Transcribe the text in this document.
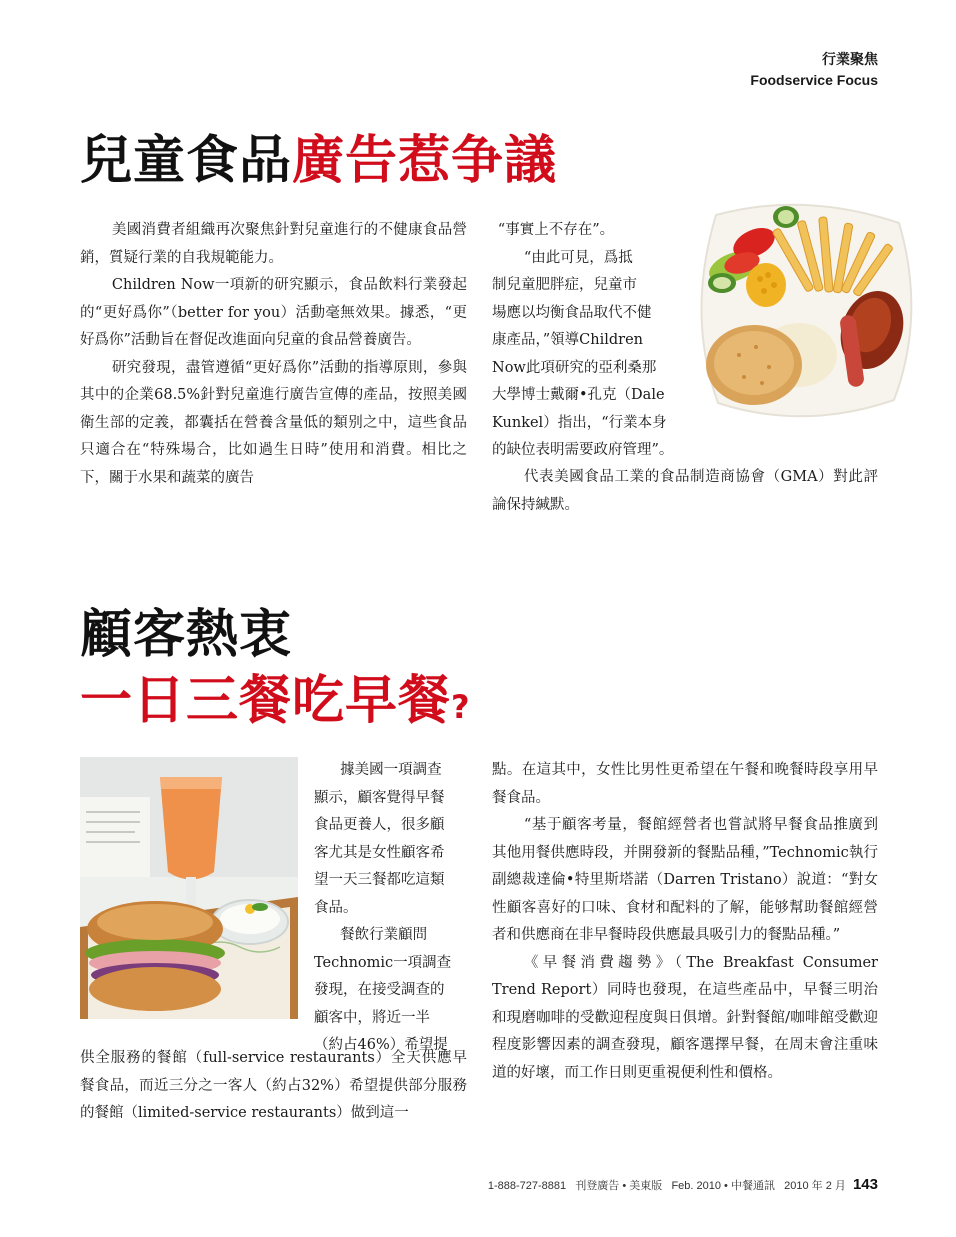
行業聚焦
Foodservice Focus
兒童食品廣告惹争議

美國消費者組織再次聚焦針對兒童進行的不健康食品營銷，質疑行業的自我規範能力。

Children Now一項新的研究顯示，食品飲料行業發起的“更好爲你”（better for you）活動毫無效果。據悉，“更好爲你”活動旨在督促改進面向兒童的食品營養廣告。

研究發現，盡管遵循“更好爲你”活動的指導原則，參與其中的企業68.5%針對兒童進行廣告宣傳的產品，按照美國衛生部的定義，都囊括在營養含量低的類别之中，這些食品只適合在“特殊場合，比如過生日時”使用和消費。相比之下，關于水果和蔬菜的廣告

“事實上不存在”。
“由此可見，爲抵
制兒童肥胖症，兒童市
場應以均衡食品取代不健
康產品，”領導Children
Now此項研究的亞利桑那
大學博士戴爾•孔克（Dale
Kunkel）指出，“行業本身
的缺位表明需要政府管理”。

代表美國食品工業的食品制造商協會（GMA）對此評論保持緘默。

顧客熱衷
一日三餐吃早餐?
據美國一項調查
顯示，顧客覺得早餐
食品更養人，很多顧
客尤其是女性顧客希
望一天三餐都吃這類
食品。
餐飲行業顧問
Technomic一項調查
發現，在接受調查的
顧客中，將近一半
（約占46%）希望提

供全服務的餐館（full-service restaurants）全天供應早餐食品，而近三分之一客人（約占32%）希望提供部分服務的餐館（limited-service restaurants）做到這一

點。在這其中，女性比男性更希望在午餐和晚餐時段享用早餐食品。

“基于顧客考量，餐館經營者也嘗試將早餐食品推廣到其他用餐供應時段，并開發新的餐點品種，”Technomic執行副總裁達倫•特里斯塔諾（Darren Tristano）說道：“對女性顧客喜好的口味、食材和配料的了解，能够幫助餐館經營者和供應商在非早餐時段供應最具吸引力的餐點品種。”

《早餐消費趨勢》（The Breakfast Consumer Trend Report）同時也發現，在這些產品中，早餐三明治和現磨咖啡的受歡迎程度與日俱增。針對餐館/咖啡館受歡迎程度影響因素的調查發現，顧客選擇早餐，在周末會注重味道的好壞，而工作日則更重視便利性和價格。

1-888-727-8881 刊登廣告 • 美東版 Feb. 2010 • 中餐通訊 2010 年 2 月 143
